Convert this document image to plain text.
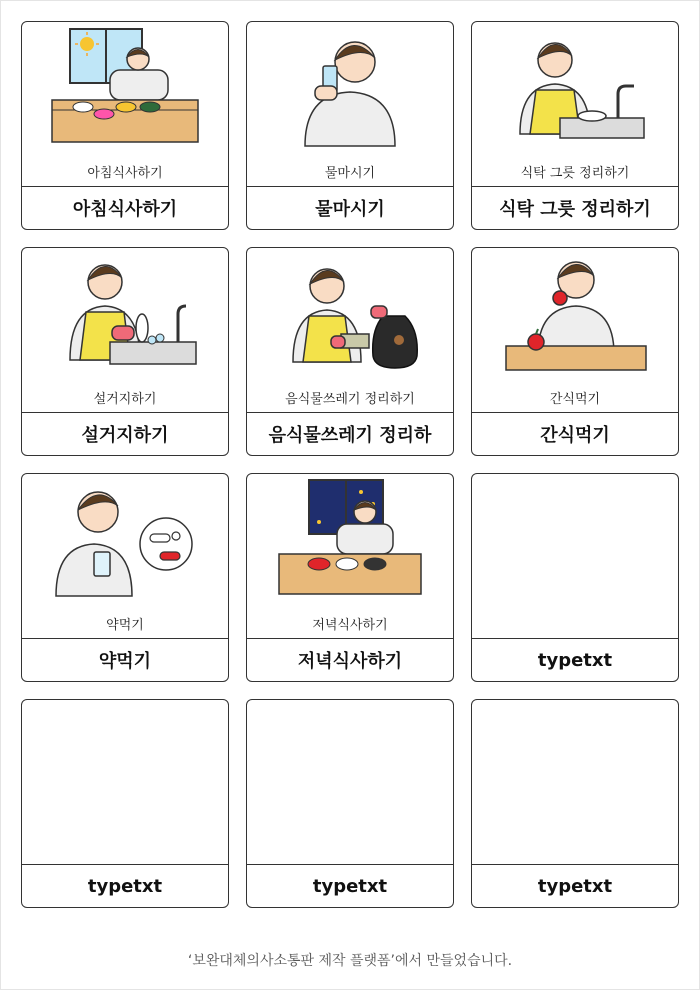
아침식사하기
아침식사하기
물마시기
물마시기
식탁 그릇 정리하기
식탁 그릇 정리하기
설거지하기
설거지하기
음식물쓰레기 정리하기
음식물쓰레기 정리하
간식먹기
간식먹기
약먹기
약먹기
저녁식사하기
저녁식사하기	typetxt
typetxt	typetxt	typetxt
‘보완대체의사소통판 제작 플랫폼’에서 만들었습니다.
